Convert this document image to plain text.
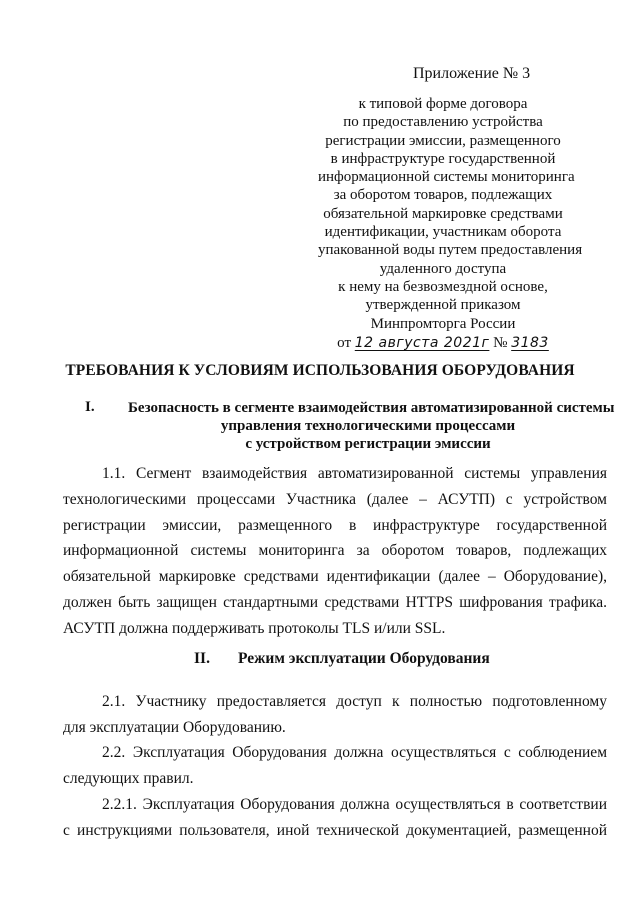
Приложение № 3
к типовой форме договора
по предоставлению устройства
регистрации эмиссии, размещенного
в инфраструктуре государственной
информационной системы мониторинга
за оборотом товаров, подлежащих
обязательной маркировке средствами
идентификации, участникам оборота
упакованной воды путем предоставления
удаленного доступа
к нему на безвозмездной основе,
утвержденной приказом
Минпромторга России
от 12 августа 2021г № 3183
ТРЕБОВАНИЯ К УСЛОВИЯМ ИСПОЛЬЗОВАНИЯ ОБОРУДОВАНИЯ
I. Безопасность в сегменте взаимодействия автоматизированной системы
управления технологическими процессами
с устройством регистрации эмиссии
1.1. Сегмент взаимодействия автоматизированной системы управления
технологическими процессами Участника (далее – АСУТП) с устройством
регистрации эмиссии, размещенного в инфраструктуре государственной
информационной системы мониторинга за оборотом товаров, подлежащих
обязательной маркировке средствами идентификации (далее – Оборудование),
должен быть защищен стандартными средствами HTTPS шифрования трафика.
АСУТП должна поддерживать протоколы TLS и/или SSL.
II. Режим эксплуатации Оборудования
2.1. Участнику предоставляется доступ к полностью подготовленному
для эксплуатации Оборудованию.
2.2. Эксплуатация Оборудования должна осуществляться с соблюдением
следующих правил.
2.2.1. Эксплуатация Оборудования должна осуществляться в соответствии
с инструкциями пользователя, иной технической документацией, размещенной
